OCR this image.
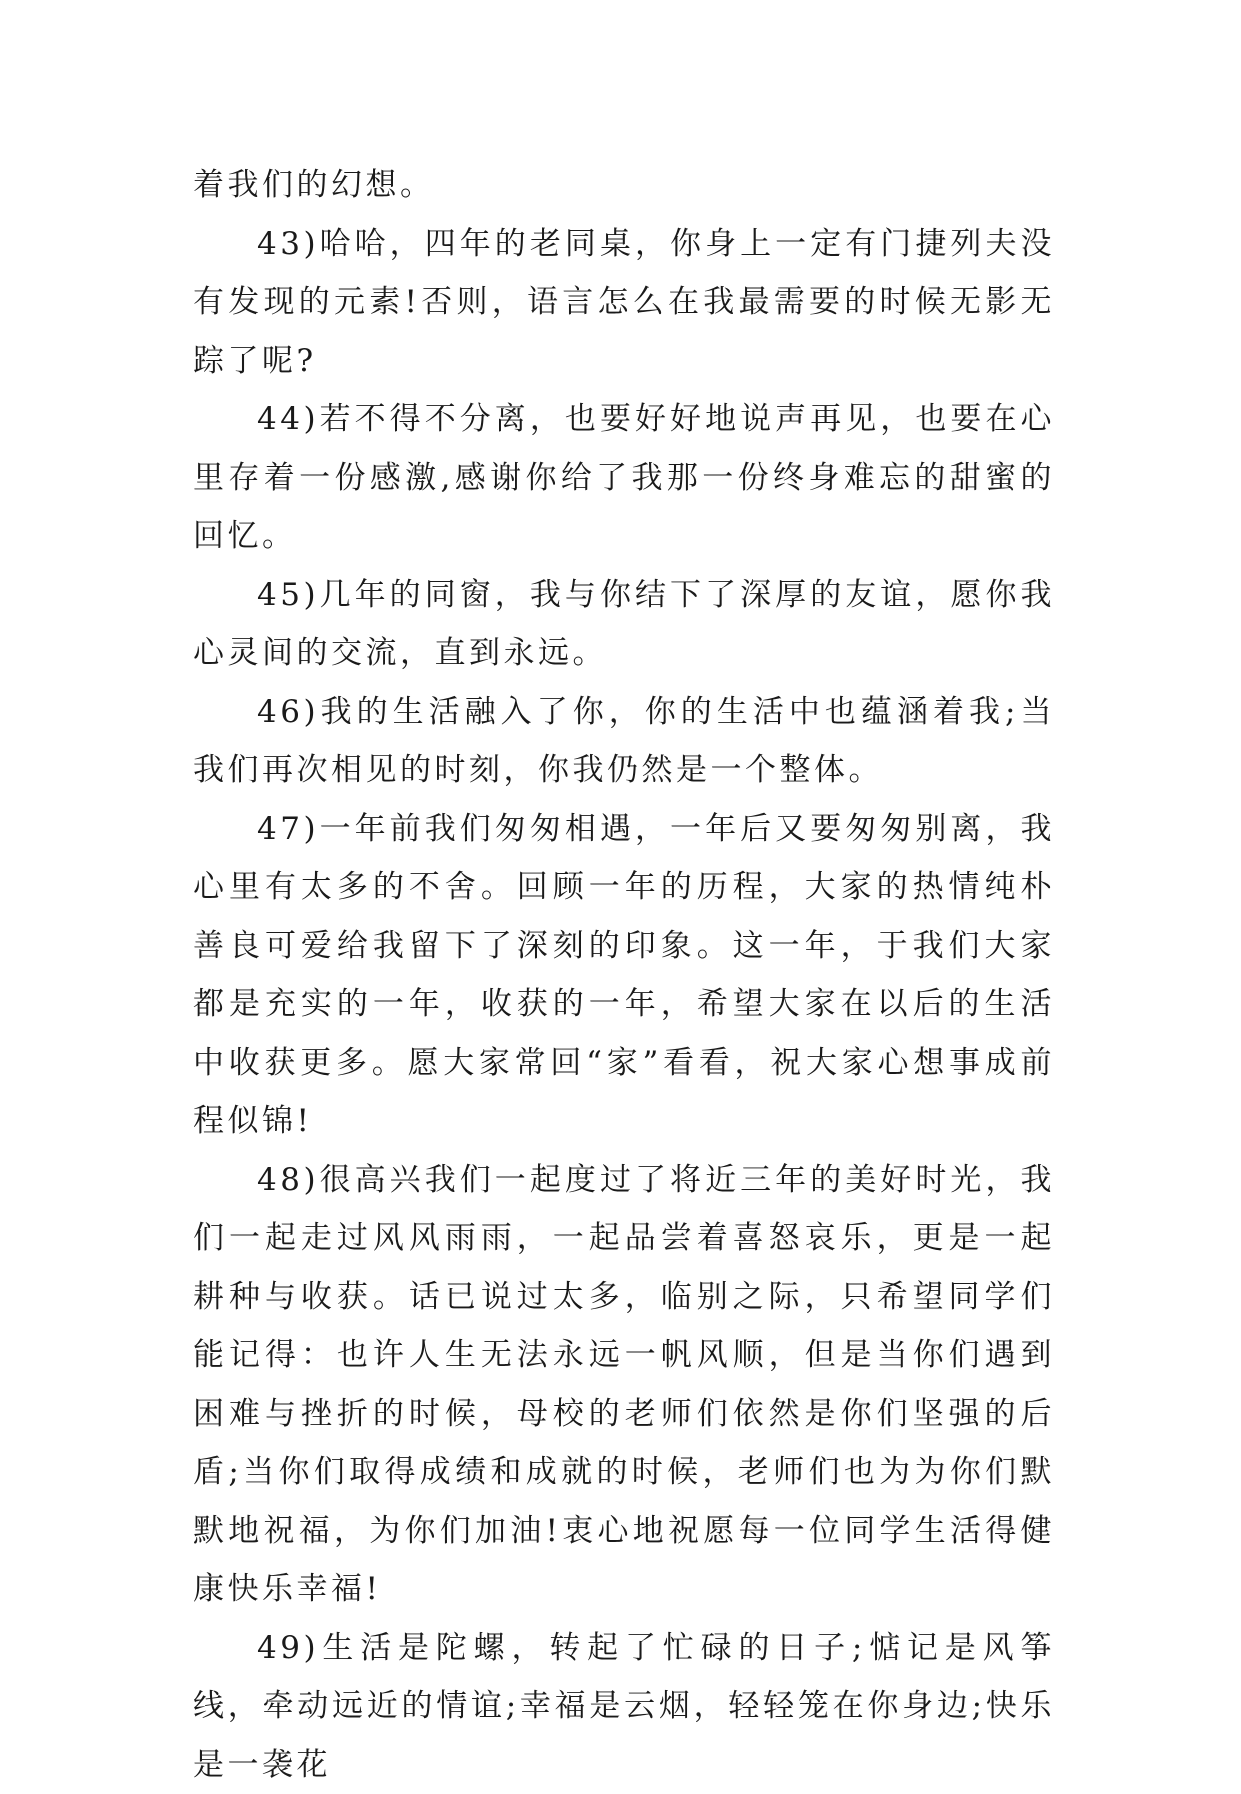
着我们的幻想。

43)哈哈，四年的老同桌，你身上一定有门捷列夫没有发现的元素!否则，语言怎么在我最需要的时候无影无踪了呢?

44)若不得不分离，也要好好地说声再见，也要在心里存着一份感激,感谢你给了我那一份终身难忘的甜蜜的回忆。

45)几年的同窗，我与你结下了深厚的友谊，愿你我心灵间的交流，直到永远。

46)我的生活融入了你，你的生活中也蕴涵着我;当我们再次相见的时刻，你我仍然是一个整体。

47)一年前我们匆匆相遇，一年后又要匆匆别离，我心里有太多的不舍。回顾一年的历程，大家的热情纯朴善良可爱给我留下了深刻的印象。这一年，于我们大家都是充实的一年，收获的一年，希望大家在以后的生活中收获更多。愿大家常回“家”看看，祝大家心想事成前程似锦!

48)很高兴我们一起度过了将近三年的美好时光，我们一起走过风风雨雨，一起品尝着喜怒哀乐，更是一起耕种与收获。话已说过太多，临别之际，只希望同学们能记得：也许人生无法永远一帆风顺，但是当你们遇到困难与挫折的时候，母校的老师们依然是你们坚强的后盾;当你们取得成绩和成就的时候，老师们也为为你们默默地祝福，为你们加油!衷心地祝愿每一位同学生活得健康快乐幸福!

49)生活是陀螺，转起了忙碌的日子;惦记是风筝线，牵动远近的情谊;幸福是云烟，轻轻笼在你身边;快乐是一袭花
